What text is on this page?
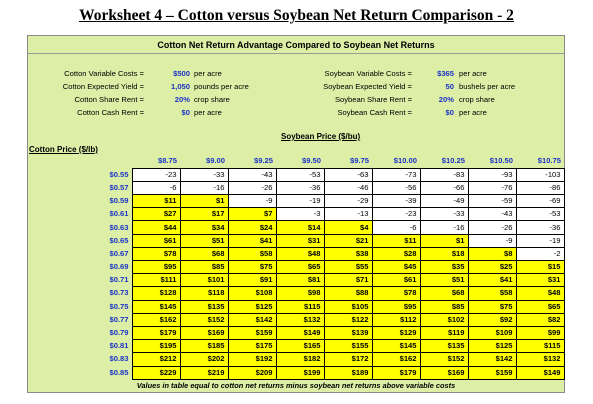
Worksheet 4 – Cotton versus Soybean Net Return Comparison - 2
Cotton Net Return Advantage Compared to Soybean Net Returns
Cotton Variable Costs =	$500 per acre
Cotton Expected Yield =	1,050 pounds per acre
Cotton Share Rent =	20% crop share
Cotton Cash Rent =	$0 per acre
Soybean Variable Costs =	$365 per acre
Soybean Expected Yield =	50 bushels per acre
Soybean Share Rent =	20% crop share
Soybean Cash Rent =	$0 per acre
Soybean Price ($/bu)
Cotton Price ($/lb)
	$8.75	$9.00	$9.25	$9.50	$9.75	$10.00	$10.25	$10.50	$10.75
$0.55	-23	-33	-43	-53	-63	-73	-83	-93	-103
$0.57	-6	-16	-26	-36	-46	-56	-66	-76	-86
$0.59	$11	$1	-9	-19	-29	-39	-49	-59	-69
$0.61	$27	$17	$7	-3	-13	-23	-33	-43	-53
$0.63	$44	$34	$24	$14	$4	-6	-16	-26	-36
$0.65	$61	$51	$41	$31	$21	$11	$1	-9	-19
$0.67	$78	$68	$58	$48	$38	$28	$18	$8	-2
$0.69	$95	$85	$75	$65	$55	$45	$35	$25	$15
$0.71	$111	$101	$91	$81	$71	$61	$51	$41	$31
$0.73	$128	$118	$108	$98	$88	$78	$68	$58	$48
$0.75	$145	$135	$125	$115	$105	$95	$85	$75	$65
$0.77	$162	$152	$142	$132	$122	$112	$102	$92	$82
$0.79	$179	$169	$159	$149	$139	$129	$119	$109	$99
$0.81	$195	$185	$175	$165	$155	$145	$135	$125	$115
$0.83	$212	$202	$192	$182	$172	$162	$152	$142	$132
$0.85	$229	$219	$209	$199	$189	$179	$169	$159	$149
Values in table equal to cotton net returns minus soybean net returns above variable costs
